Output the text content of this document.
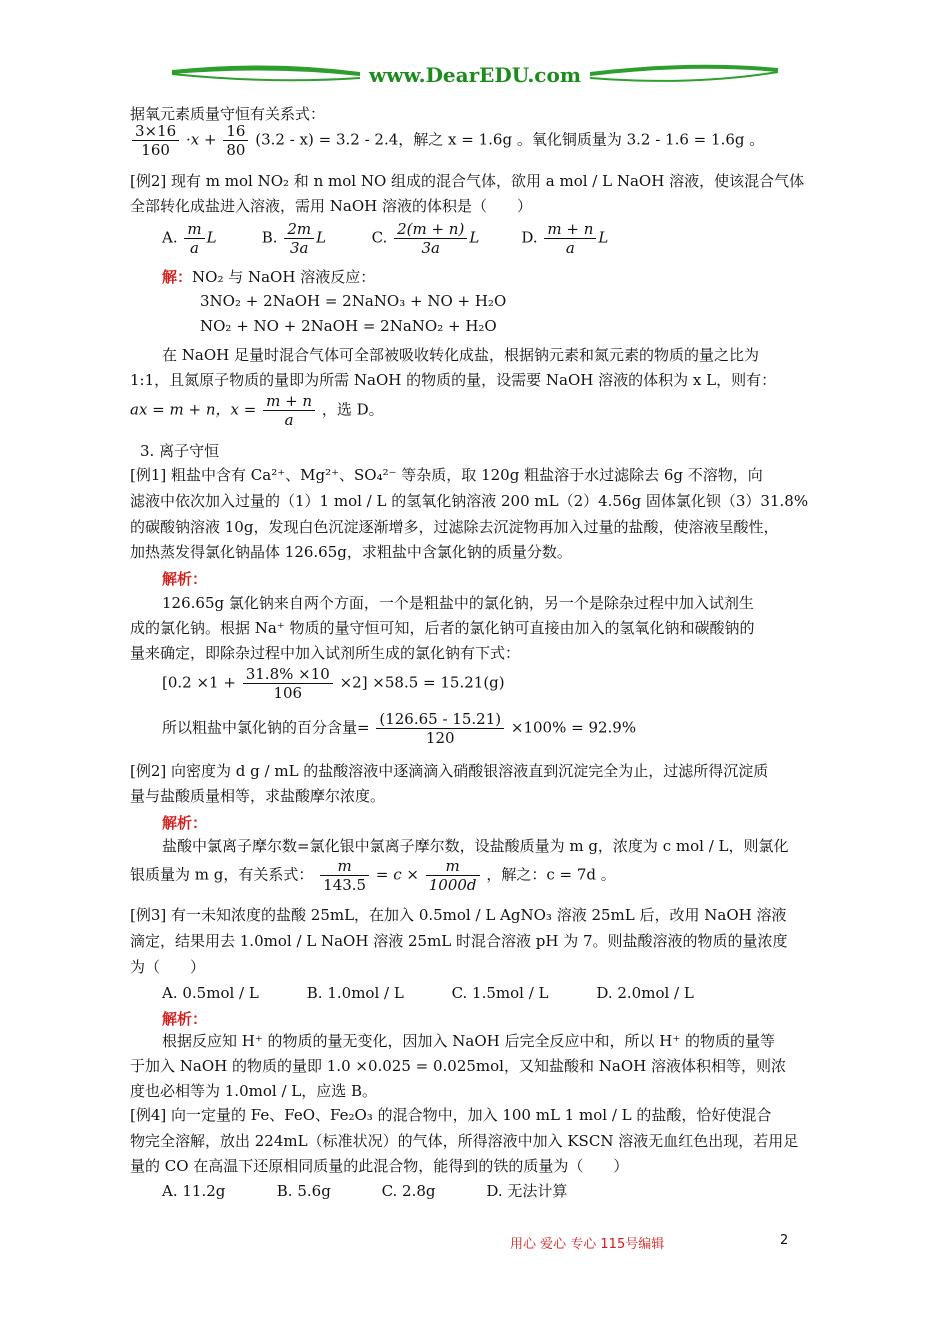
www.DearEDU.com
据氧元素质量守恒有关系式：
$\frac{3\times 16}{160} \cdot x + \frac{16}{80} (3.2 - x) = 3.2 - 2.4$，解之 x = 1.6g 。氧化铜质量为 3.2 - 1.6 = 1.6g 。
[例2] 现有 m mol NO₂ 和 n mol NO 组成的混合气体，欲用 a mol / L NaOH 溶液，使该混合气体
全部转化成盐进入溶液，需用 NaOH 溶液的体积是（　　）
A. $\frac{m}{a}$ L	B. $\frac{2m}{3a}$ L	C. $\frac{2(m + n)}{3a}$ L	D. $\frac{m + n}{a}$ L
解：NO₂ 与 NaOH 溶液反应：
3NO₂ + 2NaOH = 2NaNO₃ + NO + H₂O
NO₂ + NO + 2NaOH = 2NaNO₂ + H₂O
在 NaOH 足量时混合气体可全部被吸收转化成盐，根据钠元素和氮元素的物质的量之比为
1:1，且氮原子物质的量即为所需 NaOH 的物质的量，设需要 NaOH 溶液的体积为 x L，则有：
ax = m + n，$x = \frac{m + n}{a}$ ，选 D。
3. 离子守恒
[例1] 粗盐中含有 Ca²⁺、Mg²⁺、SO₄²⁻ 等杂质，取 120g 粗盐溶于水过滤除去 6g 不溶物，向
滤液中依次加入过量的（1）1 mol / L 的氢氧化钠溶液 200 mL（2）4.56g 固体氯化钡（3）31.8%
的碳酸钠溶液 10g，发现白色沉淀逐渐增多，过滤除去沉淀物再加入过量的盐酸，使溶液呈酸性，
加热蒸发得氯化钠晶体 126.65g，求粗盐中含氯化钠的质量分数。
解析：
126.65g 氯化钠来自两个方面，一个是粗盐中的氯化钠，另一个是除杂过程中加入试剂生
成的氯化钠。根据 Na⁺ 物质的量守恒可知，后者的氯化钠可直接由加入的氢氧化钠和碳酸钠的
量来确定，即除杂过程中加入试剂所生成的氯化钠有下式：
$[0.2 \times 1 + \frac{31.8\% \times 10}{106} \times 2] \times 58.5 = 15.21(g)$
所以粗盐中氯化钠的百分含量= $\frac{(126.65 - 15.21)}{120} \times 100\% = 92.9\%$
[例2] 向密度为 d g / mL 的盐酸溶液中逐滴滴入硝酸银溶液直到沉淀完全为止，过滤所得沉淀质
量与盐酸质量相等，求盐酸摩尔浓度。
解析：
盐酸中氯离子摩尔数=氯化银中氯离子摩尔数，设盐酸质量为 m g，浓度为 c mol / L，则氯化
银质量为 m g，有关系式： $\frac{m}{143.5} = c \times \frac{m}{1000d}$ ，解之：c = 7d 。
[例3] 有一未知浓度的盐酸 25mL，在加入 0.5mol / L AgNO₃ 溶液 25mL 后，改用 NaOH 溶液
滴定，结果用去 1.0mol / L NaOH 溶液 25mL 时混合溶液 pH 为 7。则盐酸溶液的物质的量浓度
为（　　）
A. 0.5mol / L	B. 1.0mol / L	C. 1.5mol / L	D. 2.0mol / L
解析：
根据反应知 H⁺ 的物质的量无变化，因加入 NaOH 后完全反应中和，所以 H⁺ 的物质的量等
于加入 NaOH 的物质的量即 1.0 ×0.025 = 0.025mol，又知盐酸和 NaOH 溶液体积相等，则浓
度也必相等为 1.0mol / L，应选 B。
[例4] 向一定量的 Fe、FeO、Fe₂O₃ 的混合物中，加入 100 mL 1 mol / L 的盐酸，恰好使混合
物完全溶解，放出 224mL（标准状况）的气体，所得溶液中加入 KSCN 溶液无血红色出现，若用足
量的 CO 在高温下还原相同质量的此混合物，能得到的铁的质量为（　　）
A. 11.2g	B. 5.6g	C. 2.8g	D. 无法计算
用心 爱心 专心 115号编辑	2
